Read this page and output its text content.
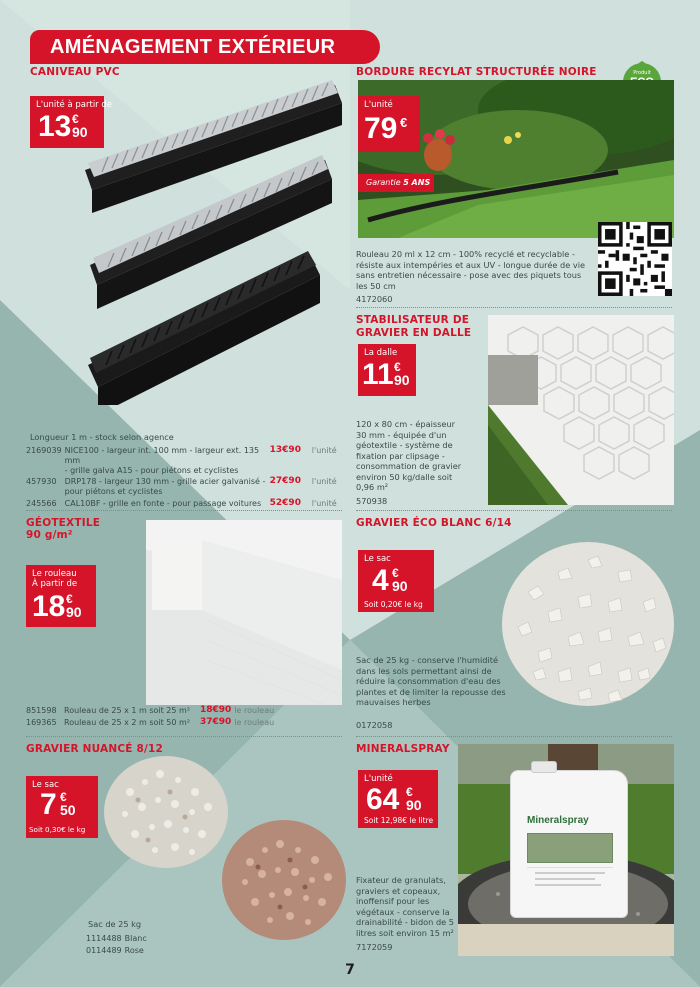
AMÉNAGEMENT EXTÉRIEUR
Produit
CANIVEAU PVC
L'unité à partir de
13 €
90
Longueur 1 m - stock selon agence
2169039	NICE100 - largeur int. 100 mm - largeur ext. 135 mm
- grille galva A15 - pour piétons et cyclistes	13€90	l'unité
457930	DRP178 - largeur 130 mm - grille acier galvanisé -
pour piétons et cyclistes	27€90	l'unité
245566	CAL10BF - grille en fonte - pour passage voitures	52€90	l'unité
BORDURE RECYLAT STRUCTURÉE NOIRE
L'unité
79 €
Garantie 5 ANS
Rouleau 20 ml x 12 cm - 100% recyclé et recyclable - résiste aux intempéries et aux UV - longue durée de vie sans entretien nécessaire - pose avec des piquets tous les 50 cm
4172060
STABILISATEUR DE
GRAVIER EN DALLE
La dalle
11 €
90
120 x 80 cm - épaisseur 30 mm - équipée d'un géotextile - système de fixation par clipsage - consommation de gravier environ 50 kg/dalle soit 0,96 m²
570938
GÉOTEXTILE
90 g/m²
Le rouleau
À partir de
18 €
90
851598	Rouleau de 25 x 1 m soit 25 m²	18€90	le rouleau
169365	Rouleau de 25 x 2 m soit 50 m²	37€90	le rouleau
GRAVIER ÉCO BLANC 6/14
Le sac
4 €
90
Soit 0,20€ le kg
Sac de 25 kg - conserve l'humidité dans les sols permettant ainsi de réduire la consommation d'eau des plantes et de limiter la repousse des mauvaises herbes
0172058
GRAVIER NUANCÉ 8/12
Le sac
7 €
50
Soit 0,30€ le kg
Sac de 25 kg
1114488	Blanc
0114489	Rose
MINERALSPRAY
Mineralspray
L'unité
64 €
90
Soit 12,98€ le litre
Fixateur de granulats, graviers et copeaux, inoffensif pour les végétaux - conserve la drainabilité - bidon de 5 litres soit environ 15 m²
7172059
7
